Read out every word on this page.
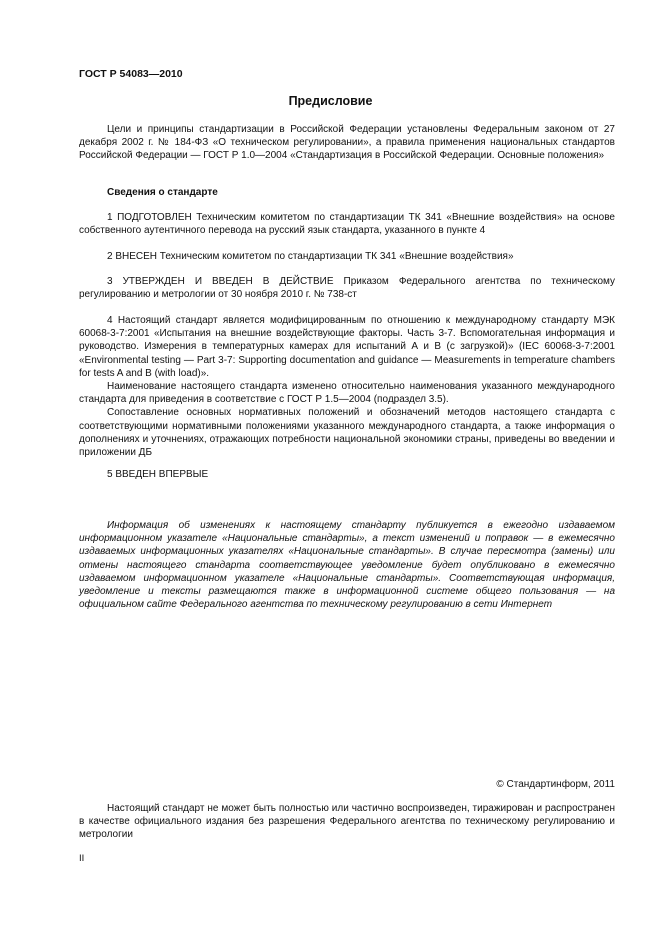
ГОСТ Р 54083—2010
Предисловие

Цели и принципы стандартизации в Российской Федерации установлены Федеральным законом от 27 декабря 2002 г. № 184-ФЗ «О техническом регулировании», а правила применения национальных стандартов Российской Федерации — ГОСТ Р 1.0—2004 «Стандартизация в Российской Федерации. Основные положения»

Сведения о стандарте

1 ПОДГОТОВЛЕН Техническим комитетом по стандартизации ТК 341 «Внешние воздействия» на основе собственного аутентичного перевода на русский язык стандарта, указанного в пункте 4

2 ВНЕСЕН Техническим комитетом по стандартизации ТК 341 «Внешние воздействия»

3 УТВЕРЖДЕН И ВВЕДЕН В ДЕЙСТВИЕ Приказом Федерального агентства по техническому регулированию и метрологии от 30 ноября 2010 г. № 738-ст

4 Настоящий стандарт является модифицированным по отношению к международному стандарту МЭК 60068-3-7:2001 «Испытания на внешние воздействующие факторы. Часть 3-7. Вспомогательная информация и руководство. Измерения в температурных камерах для испытаний А и В (с загрузкой)» (IEC 60068-3-7:2001 «Environmental testing — Part 3-7: Supporting documentation and guidance — Measurements in temperature chambers for tests A and B (with load)».

Наименование настоящего стандарта изменено относительно наименования указанного международного стандарта для приведения в соответствие с ГОСТ Р 1.5—2004 (подраздел 3.5).

Сопоставление основных нормативных положений и обозначений методов настоящего стандарта с соответствующими нормативными положениями указанного международного стандарта, а также информация о дополнениях и уточнениях, отражающих потребности национальной экономики страны, приведены во введении и приложении ДБ

5 ВВЕДЕН ВПЕРВЫЕ

Информация об изменениях к настоящему стандарту публикуется в ежегодно издаваемом информационном указателе «Национальные стандарты», а текст изменений и поправок — в ежемесячно издаваемых информационных указателях «Национальные стандарты». В случае пересмотра (замены) или отмены настоящего стандарта соответствующее уведомление будет опубликовано в ежемесячно издаваемом информационном указателе «Национальные стандарты». Соответствующая информация, уведомление и тексты размещаются также в информационной системе общего пользования — на официальном сайте Федерального агентства по техническому регулированию в сети Интернет

© Стандартинформ, 2011

Настоящий стандарт не может быть полностью или частично воспроизведен, тиражирован и распространен в качестве официального издания без разрешения Федерального агентства по техническому регулированию и метрологии

II
